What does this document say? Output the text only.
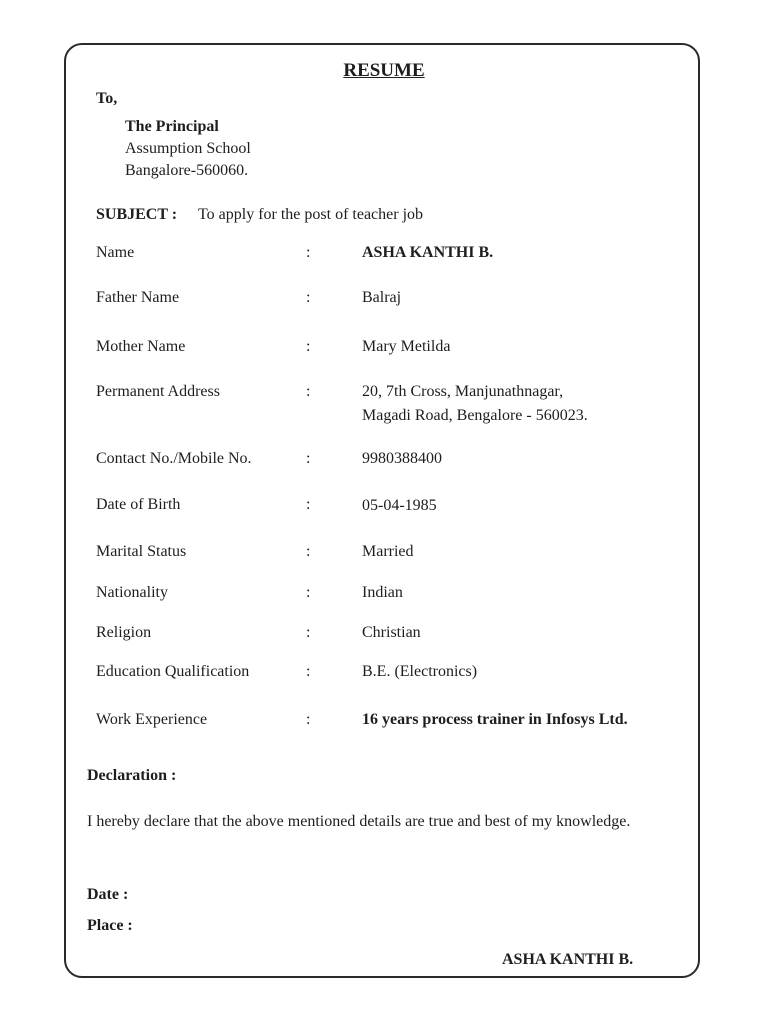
RESUME
To,
The Principal
Assumption School
Bangalore-560060.
SUBJECT : To apply for the post of teacher job
Name	:	ASHA KANTHI B.
Father Name	:	Balraj
Mother Name	:	Mary Metilda
Permanent Address	:	20, 7th Cross, Manjunathnagar,
Magadi Road, Bengalore - 560023.
Contact No./Mobile No.	:	9980388400
Date of Birth	:	05-04-1985
Marital Status	:	Married
Nationality	:	Indian
Religion	:	Christian
Education Qualification	:	B.E. (Electronics)
Work Experience	:	16 years process trainer in Infosys Ltd.
Declaration :
I hereby declare that the above mentioned details are true and best of my knowledge.
Date :
Place :
ASHA KANTHI B.
